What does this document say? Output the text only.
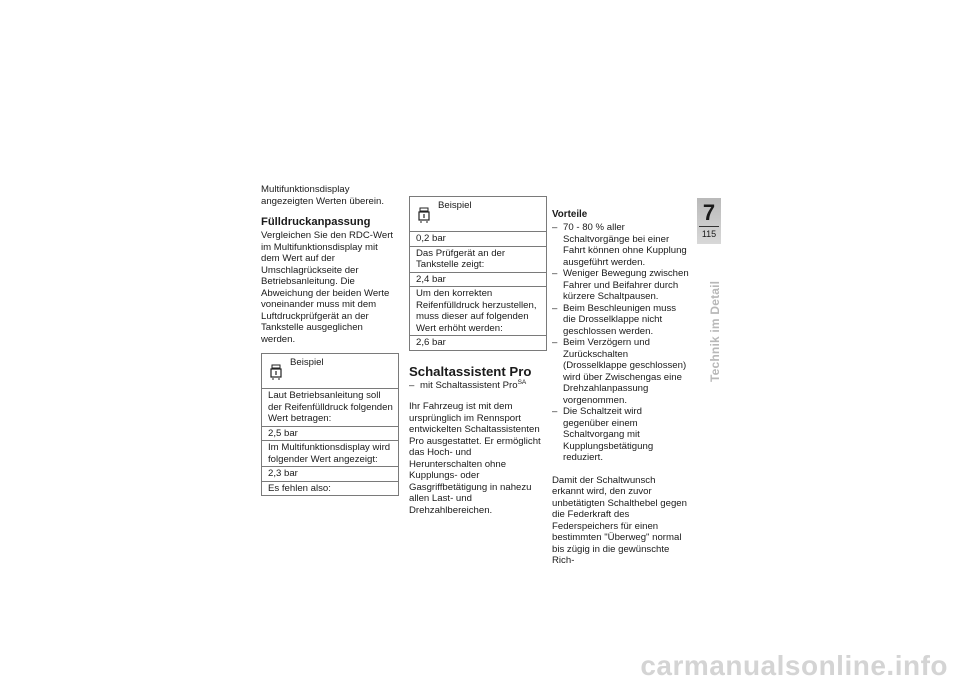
Multifunktionsdisplay angezeigten Werten überein.

Fülldruckanpassung

Vergleichen Sie den RDC-Wert im Multifunktionsdisplay mit dem Wert auf der Umschlagrückseite der Betriebsanleitung. Die Abweichung der beiden Werte voneinander muss mit dem Luftdruckprüfgerät an der Tankstelle ausgeglichen werden.

Beispiel
Laut Betriebsanleitung soll der Reifenfülldruck folgenden Wert betragen:
2,5 bar
Im Multifunktionsdisplay wird folgender Wert angezeigt:
2,3 bar
Es fehlen also:
Beispiel
0,2 bar
Das Prüfgerät an der Tankstelle zeigt:
2,4 bar
Um den korrekten Reifenfülldruck herzustellen, muss dieser auf folgenden Wert erhöht werden:
2,6 bar
Schaltassistent Pro
– mit Schaltassistent Pro$^{SA}$

Ihr Fahrzeug ist mit dem ursprünglich im Rennsport entwickelten Schaltassistenten Pro ausgestattet. Er ermöglicht das Hoch- und Herunterschalten ohne Kupplungs- oder Gasgriffbetätigung in nahezu allen Last- und Drehzahlbereichen.

Vorteile
– 70 - 80 % aller Schaltvorgänge bei einer Fahrt können ohne Kupplung ausgeführt werden.
– Weniger Bewegung zwischen Fahrer und Beifahrer durch kürzere Schaltpausen.
– Beim Beschleunigen muss die Drosselklappe nicht geschlossen werden.
– Beim Verzögern und Zurückschalten (Drosselklappe geschlossen) wird über Zwischengas eine Drehzahlanpassung vorgenommen.
– Die Schaltzeit wird gegenüber einem Schaltvorgang mit Kupplungsbetätigung reduziert.

Damit der Schaltwunsch erkannt wird, den zuvor unbetätigten Schalthebel gegen die Federkraft des Federspeichers für einen bestimmten "Überweg" normal bis zügig in die gewünschte Rich-

7
115
Technik im Detail
carmanualsonline.info
